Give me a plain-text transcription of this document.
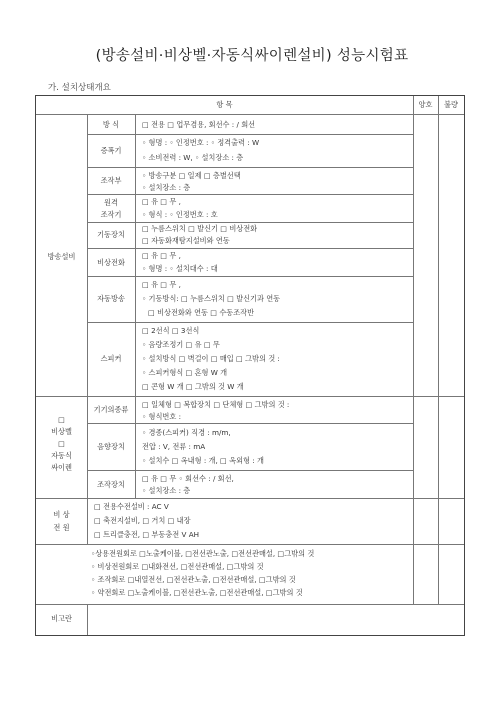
(방송설비·비상벨·자동식싸이렌설비) 성능시험표
가. 설치상태개요
항 목	양호	불량
방송설비
□
비상벨
□
자동식
싸이렌
비 상
전 원
비고란
방 식
증폭기
조작부
원격
조작기
기동장치
비상전화
자동방송
스피커
기기의종류
음향장치
조작장치
□ 전용 □ 업무겸용, 회선수 : / 회선
◦ 형명 : ◦ 인정번호 : ◦ 정격출력 : W
◦ 소비전력 : W, ◦ 설치장소 : 층
◦ 방송구분 □ 일제 □ 층별선택
◦ 설치장소 : 층
□ 유 □ 무 ,
◦ 형식 : ◦ 인정번호 : 호
□ 누름스위치 □ 발신기 □ 비상전화
□ 자동화재탐지설비와 연동
□ 유 □ 무 ,
◦ 형명 : ◦ 설치대수 : 대
□ 유 □ 무 ,
◦ 기동방식: □ 누름스위치 □ 발신기과 연동
□ 비상전화와 연동 □ 수동조작반
□ 2선식 □ 3선식
◦ 음량조정기 □ 유 □ 무
◦ 설치방식 □ 벽걸이 □ 매입 □ 그밖의 것 :
◦ 스피커형식 □ 혼형 W 개
□ 콘형 W 개 □ 그밖의 것 W 개
□ 일체형 □ 복합장치 □ 단체형 □ 그밖의 것 :
◦ 형식번호 :
◦ 경종(스피커) 직경 : m/m,
전압 : V, 전류 : mA
◦ 설치수 □ 옥내형 : 개, □ 옥외형 : 개
□ 유 □ 무 ◦ 회선수 : / 회선,
◦ 설치장소 : 층
□ 전용수전설비 : AC V
□ 축전지설비, □ 거치 □ 내장
□ 트리클충전, □ 부동충전 V AH
◦상용전원회로 □노출케이블, □전선관노출, □전선관매설, □그밖의 것
◦ 비상전원회로 □내화전선, □전선관매설, □그밖의 것
◦ 조작회로 □내열전선, □전선관노출, □전선관매설, □그밖의 것
◦ 약전회로 □노출케이블, □전선관노출, □전선관매설, □그밖의 것
